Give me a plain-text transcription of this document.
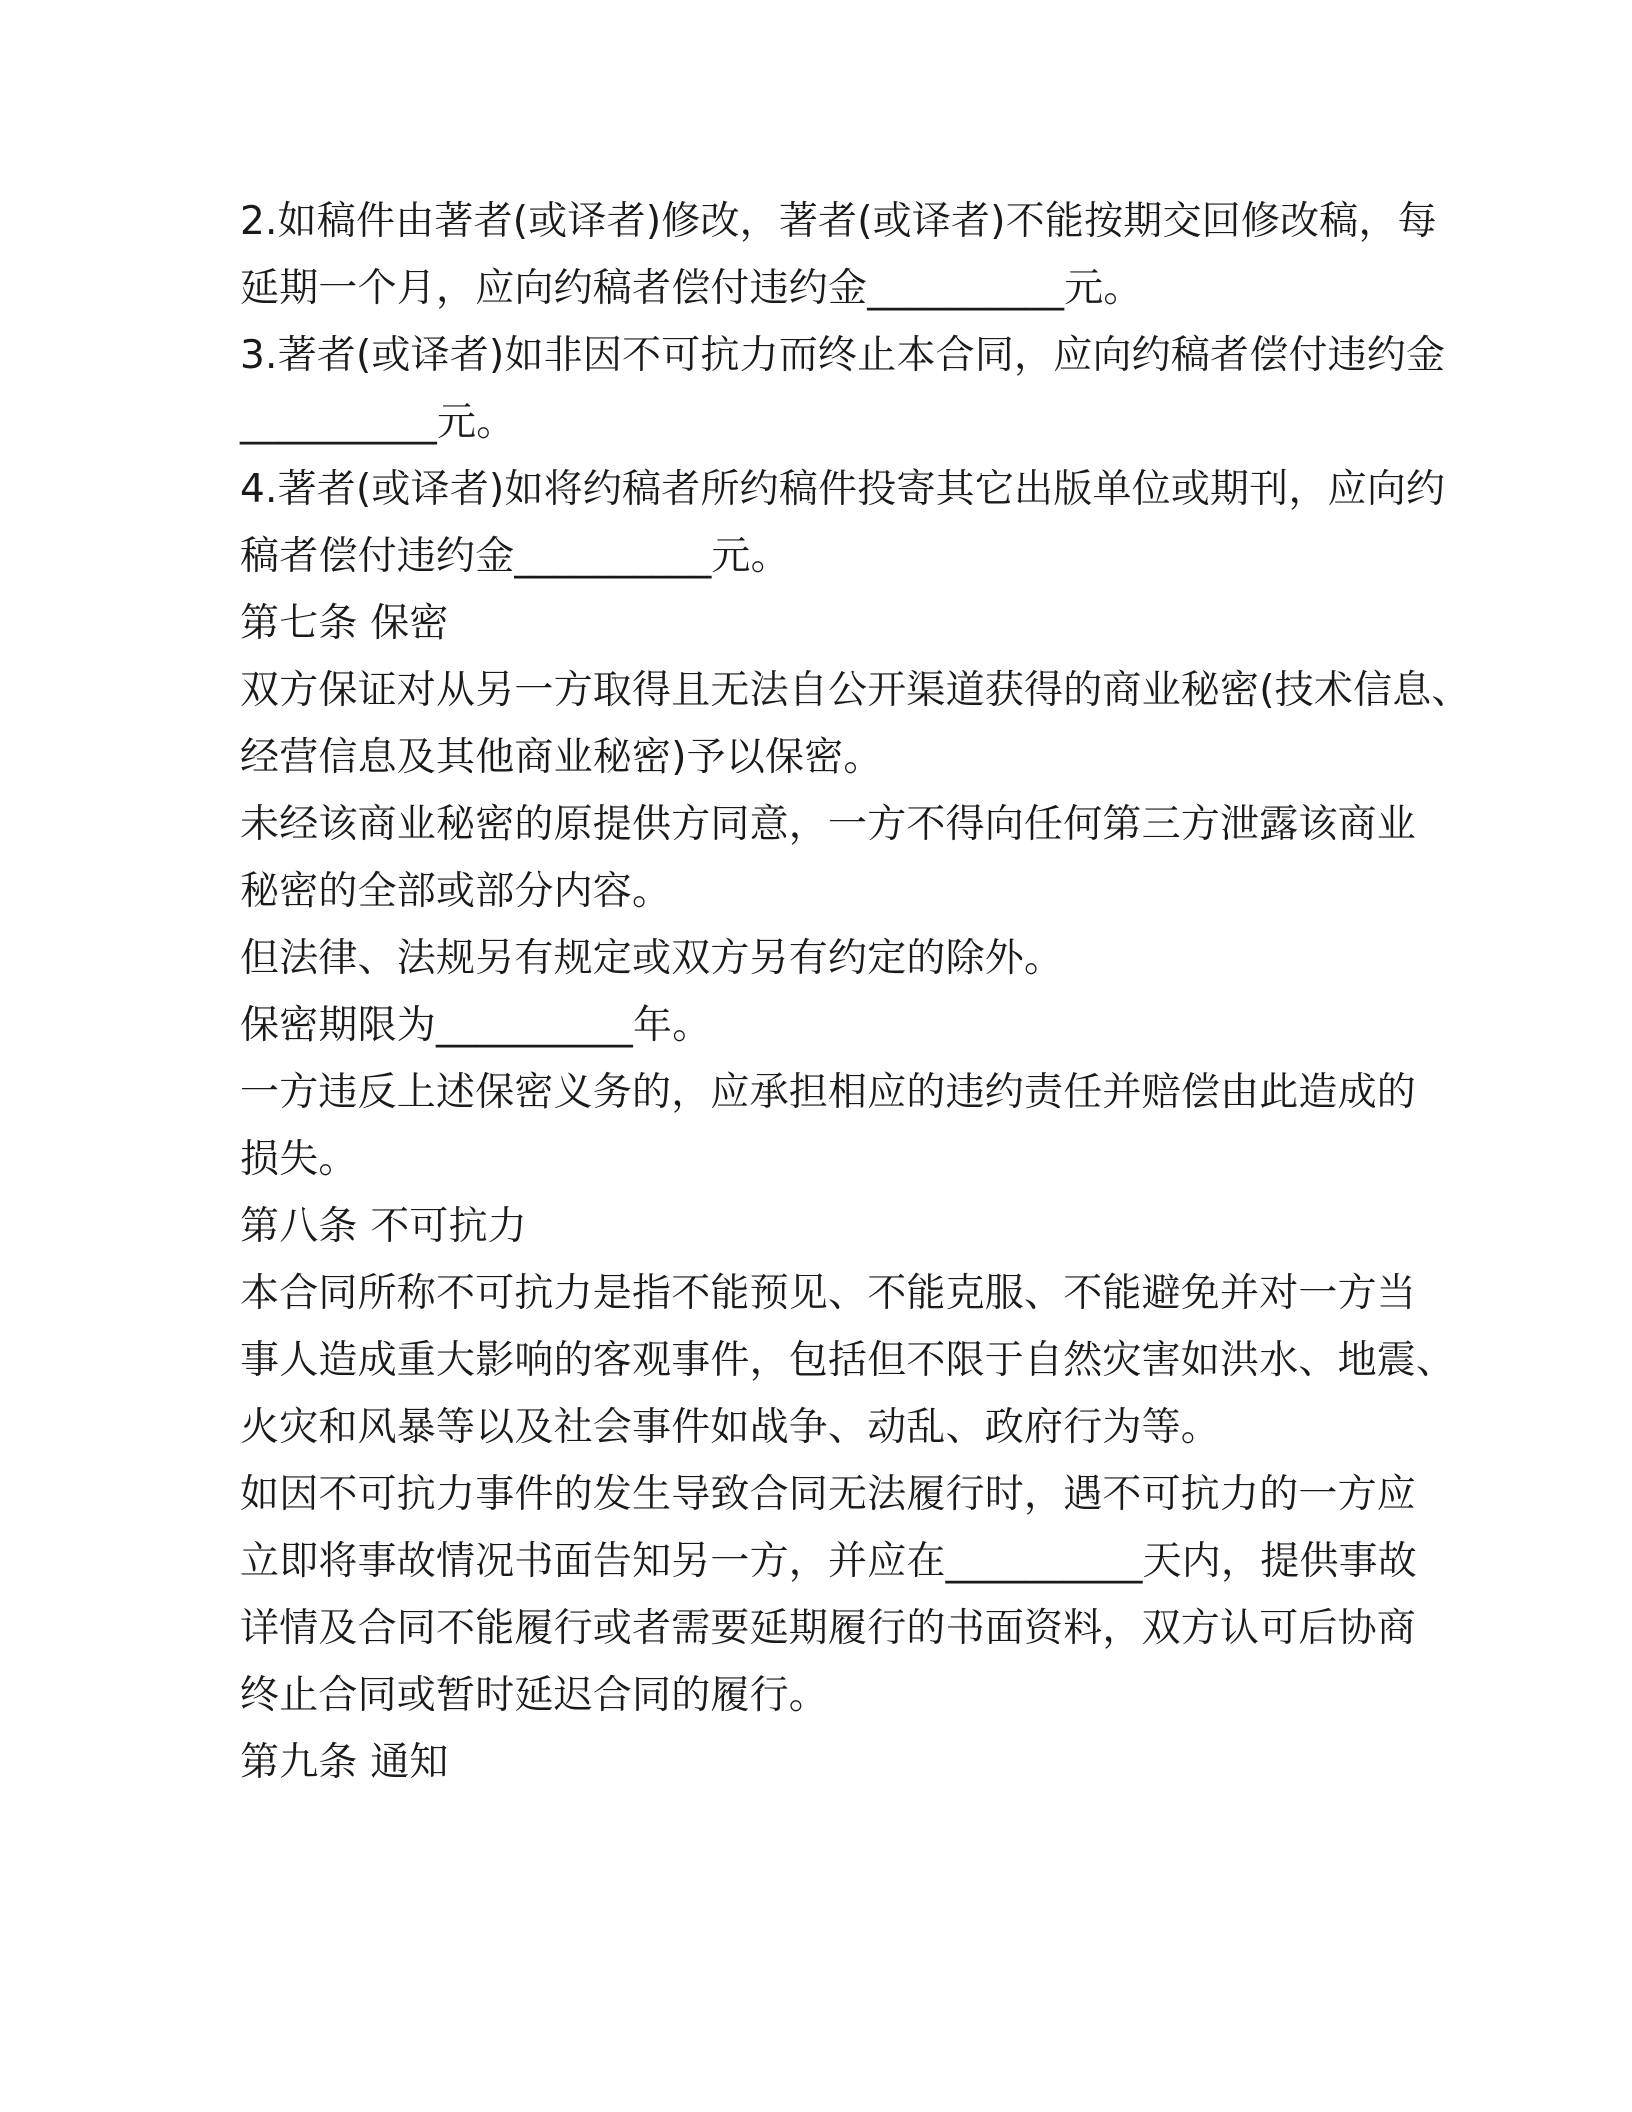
2.如稿件由著者(或译者)修改，著者(或译者)不能按期交回修改稿，每
延期一个月，应向约稿者偿付违约金__________元。
3.著者(或译者)如非因不可抗力而终止本合同，应向约稿者偿付违约金
__________元。
4.著者(或译者)如将约稿者所约稿件投寄其它出版单位或期刊，应向约
稿者偿付违约金__________元。
第七条 保密
双方保证对从另一方取得且无法自公开渠道获得的商业秘密(技术信息、
经营信息及其他商业秘密)予以保密。
未经该商业秘密的原提供方同意，一方不得向任何第三方泄露该商业
秘密的全部或部分内容。
但法律、法规另有规定或双方另有约定的除外。
保密期限为__________年。
一方违反上述保密义务的，应承担相应的违约责任并赔偿由此造成的
损失。
第八条 不可抗力
本合同所称不可抗力是指不能预见、不能克服、不能避免并对一方当
事人造成重大影响的客观事件，包括但不限于自然灾害如洪水、地震、
火灾和风暴等以及社会事件如战争、动乱、政府行为等。
如因不可抗力事件的发生导致合同无法履行时，遇不可抗力的一方应
立即将事故情况书面告知另一方，并应在__________天内，提供事故
详情及合同不能履行或者需要延期履行的书面资料，双方认可后协商
终止合同或暂时延迟合同的履行。
第九条 通知
